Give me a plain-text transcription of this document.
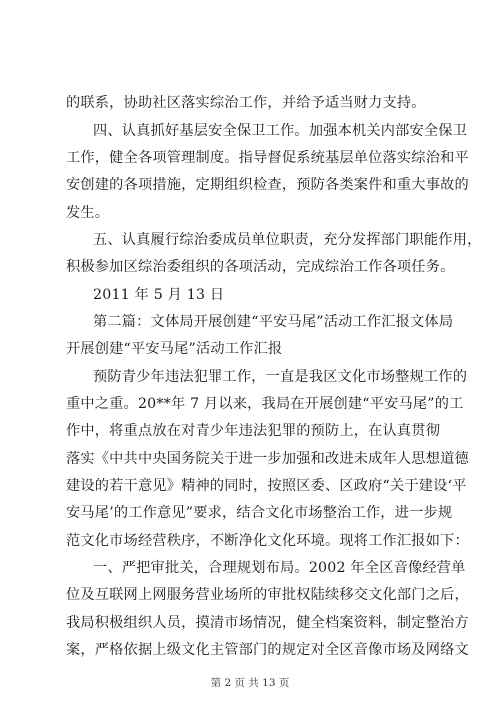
的联系，协助社区落实综治工作，并给予适当财力支持。
四、认真抓好基层安全保卫工作。加强本机关内部安全保卫
工作，健全各项管理制度。指导督促系统基层单位落实综治和平
安创建的各项措施，定期组织检查，预防各类案件和重大事故的
发生。
五、认真履行综治委成员单位职责，充分发挥部门职能作用，
积极参加区综治委组织的各项活动，完成综治工作各项任务。
2011 年 5 月 13 日
第二篇：文体局开展创建“平安马尾”活动工作汇报文体局
开展创建“平安马尾”活动工作汇报
预防青少年违法犯罪工作，一直是我区文化市场整规工作的
重中之重。20**年 7 月以来，我局在开展创建“平安马尾”的工
作中，将重点放在对青少年违法犯罪的预防上，在认真贯彻
落实《中共中央国务院关于进一步加强和改进未成年人思想道德
建设的若干意见》精神的同时，按照区委、区政府“关于建设‘平
安马尾’的工作意见”要求，结合文化市场整治工作，进一步规
范文化市场经营秩序，不断净化文化环境。现将工作汇报如下：
一、严把审批关，合理规划布局。2002 年全区音像经营单
位及互联网上网服务营业场所的审批权陆续移交文化部门之后，
我局积极组织人员，摸清市场情况，健全档案资料，制定整治方
案，严格依据上级文化主管部门的规定对全区音像市场及网络文
第 2 页 共 13 页
